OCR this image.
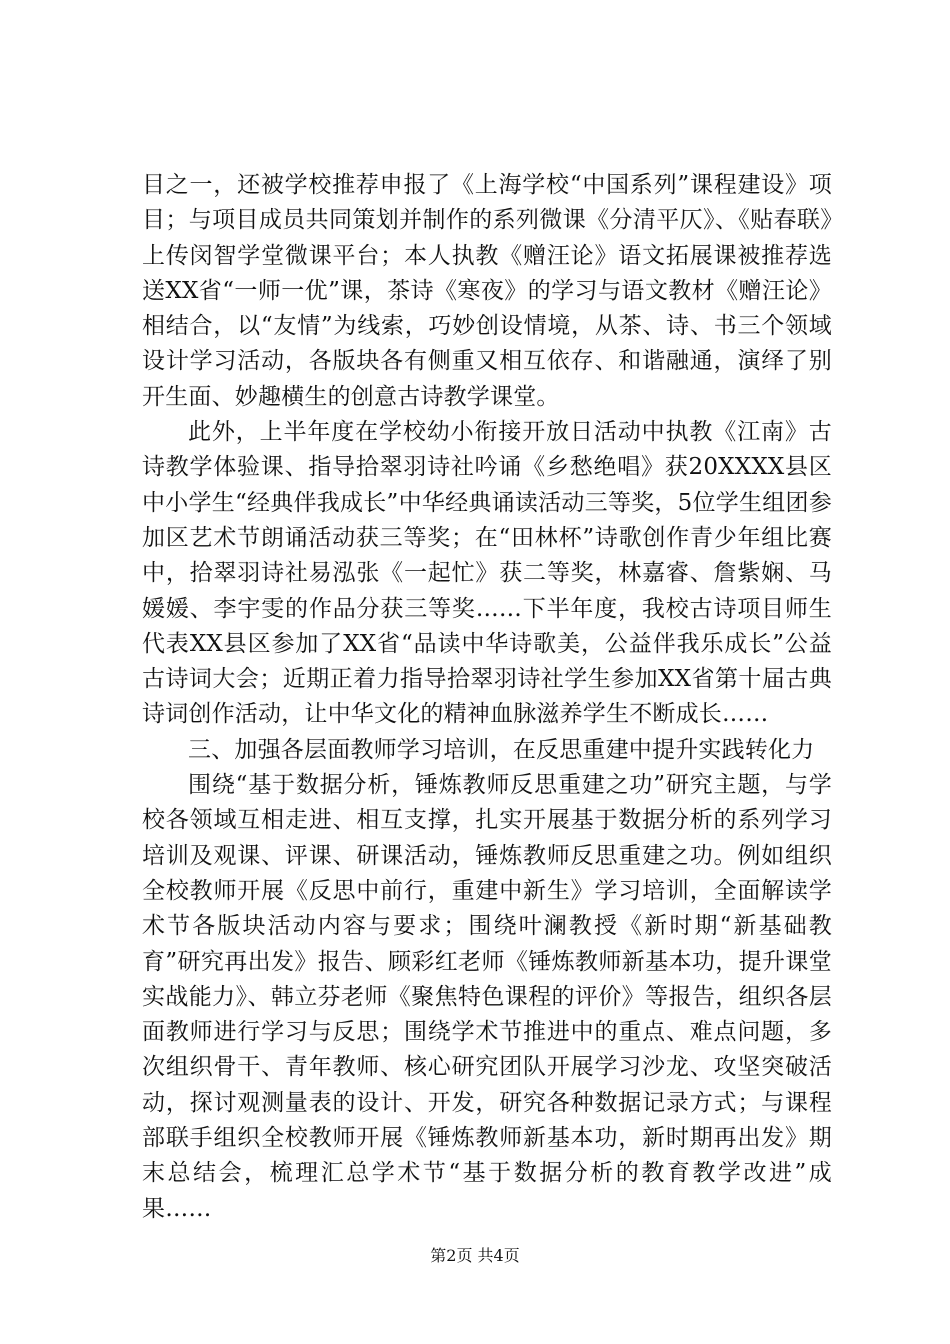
目之一，还被学校推荐申报了《上海学校“中国系列”课程建设》项目；与项目成员共同策划并制作的系列微课《分清平仄》、《贴春联》上传闵智学堂微课平台；本人执教《赠汪论》语文拓展课被推荐选送XX省“一师一优”课，茶诗《寒夜》的学习与语文教材《赠汪论》相结合，以“友情”为线索，巧妙创设情境，从茶、诗、书三个领域设计学习活动，各版块各有侧重又相互依存、和谐融通，演绎了别开生面、妙趣横生的创意古诗教学课堂。

此外，上半年度在学校幼小衔接开放日活动中执教《江南》古诗教学体验课、指导拾翠羽诗社吟诵《乡愁绝唱》获20XXXX县区中小学生“经典伴我成长”中华经典诵读活动三等奖，5位学生组团参加区艺术节朗诵活动获三等奖；在“田林杯”诗歌创作青少年组比赛中，拾翠羽诗社易泓张《一起忙》获二等奖，林嘉睿、詹紫娴、马媛媛、李宇雯的作品分获三等奖……下半年度，我校古诗项目师生代表XX县区参加了XX省“品读中华诗歌美，公益伴我乐成长”公益古诗词大会；近期正着力指导拾翠羽诗社学生参加XX省第十届古典诗词创作活动，让中华文化的精神血脉滋养学生不断成长……

三、加强各层面教师学习培训，在反思重建中提升实践转化力

围绕“基于数据分析，锤炼教师反思重建之功”研究主题，与学校各领域互相走进、相互支撑，扎实开展基于数据分析的系列学习培训及观课、评课、研课活动，锤炼教师反思重建之功。例如组织全校教师开展《反思中前行，重建中新生》学习培训，全面解读学术节各版块活动内容与要求；围绕叶澜教授《新时期“新基础教育”研究再出发》报告、顾彩红老师《锤炼教师新基本功，提升课堂实战能力》、韩立芬老师《聚焦特色课程的评价》等报告，组织各层面教师进行学习与反思；围绕学术节推进中的重点、难点问题，多次组织骨干、青年教师、核心研究团队开展学习沙龙、攻坚突破活动，探讨观测量表的设计、开发，研究各种数据记录方式；与课程部联手组织全校教师开展《锤炼教师新基本功，新时期再出发》期末总结会，梳理汇总学术节“基于数据分析的教育教学改进”成果……

第2页 共4页
